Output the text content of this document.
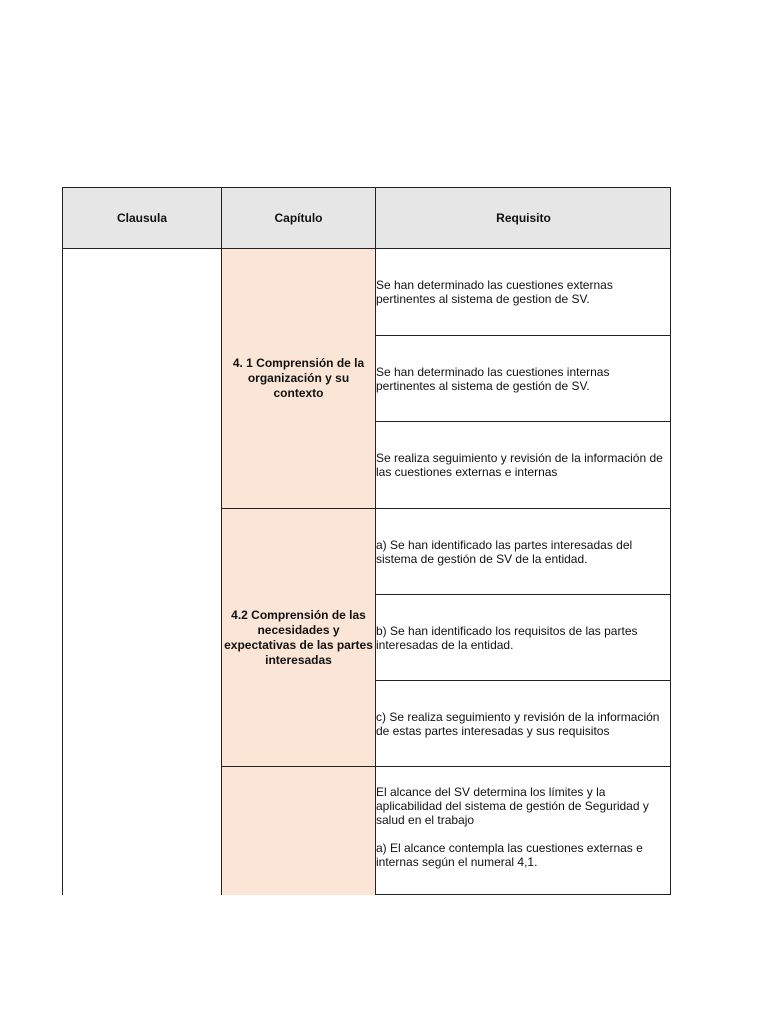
Clausula	Capítulo	Requisito
4. 1 Comprensión de la organización y su contexto
4.2 Comprensión de las necesidades y expectativas de las partes interesadas
Se han determinado las cuestiones externas pertinentes al sistema de gestion de SV.
Se han determinado las cuestiones internas pertinentes al sistema de gestión de SV.
Se realiza seguimiento y revisión de la información de las cuestiones externas e internas
a) Se han identificado las partes interesadas del sistema de gestión de SV de la entidad.
b) Se han identificado los requisitos de las partes interesadas de la entidad.
c) Se realiza seguimiento y revisión de la información de estas partes interesadas y sus requisitos

El alcance del SV determina los límites y la aplicabilidad del sistema de gestión de Seguridad y salud en el trabajo

a) El alcance contempla las cuestiones externas e internas según el numeral 4,1.
